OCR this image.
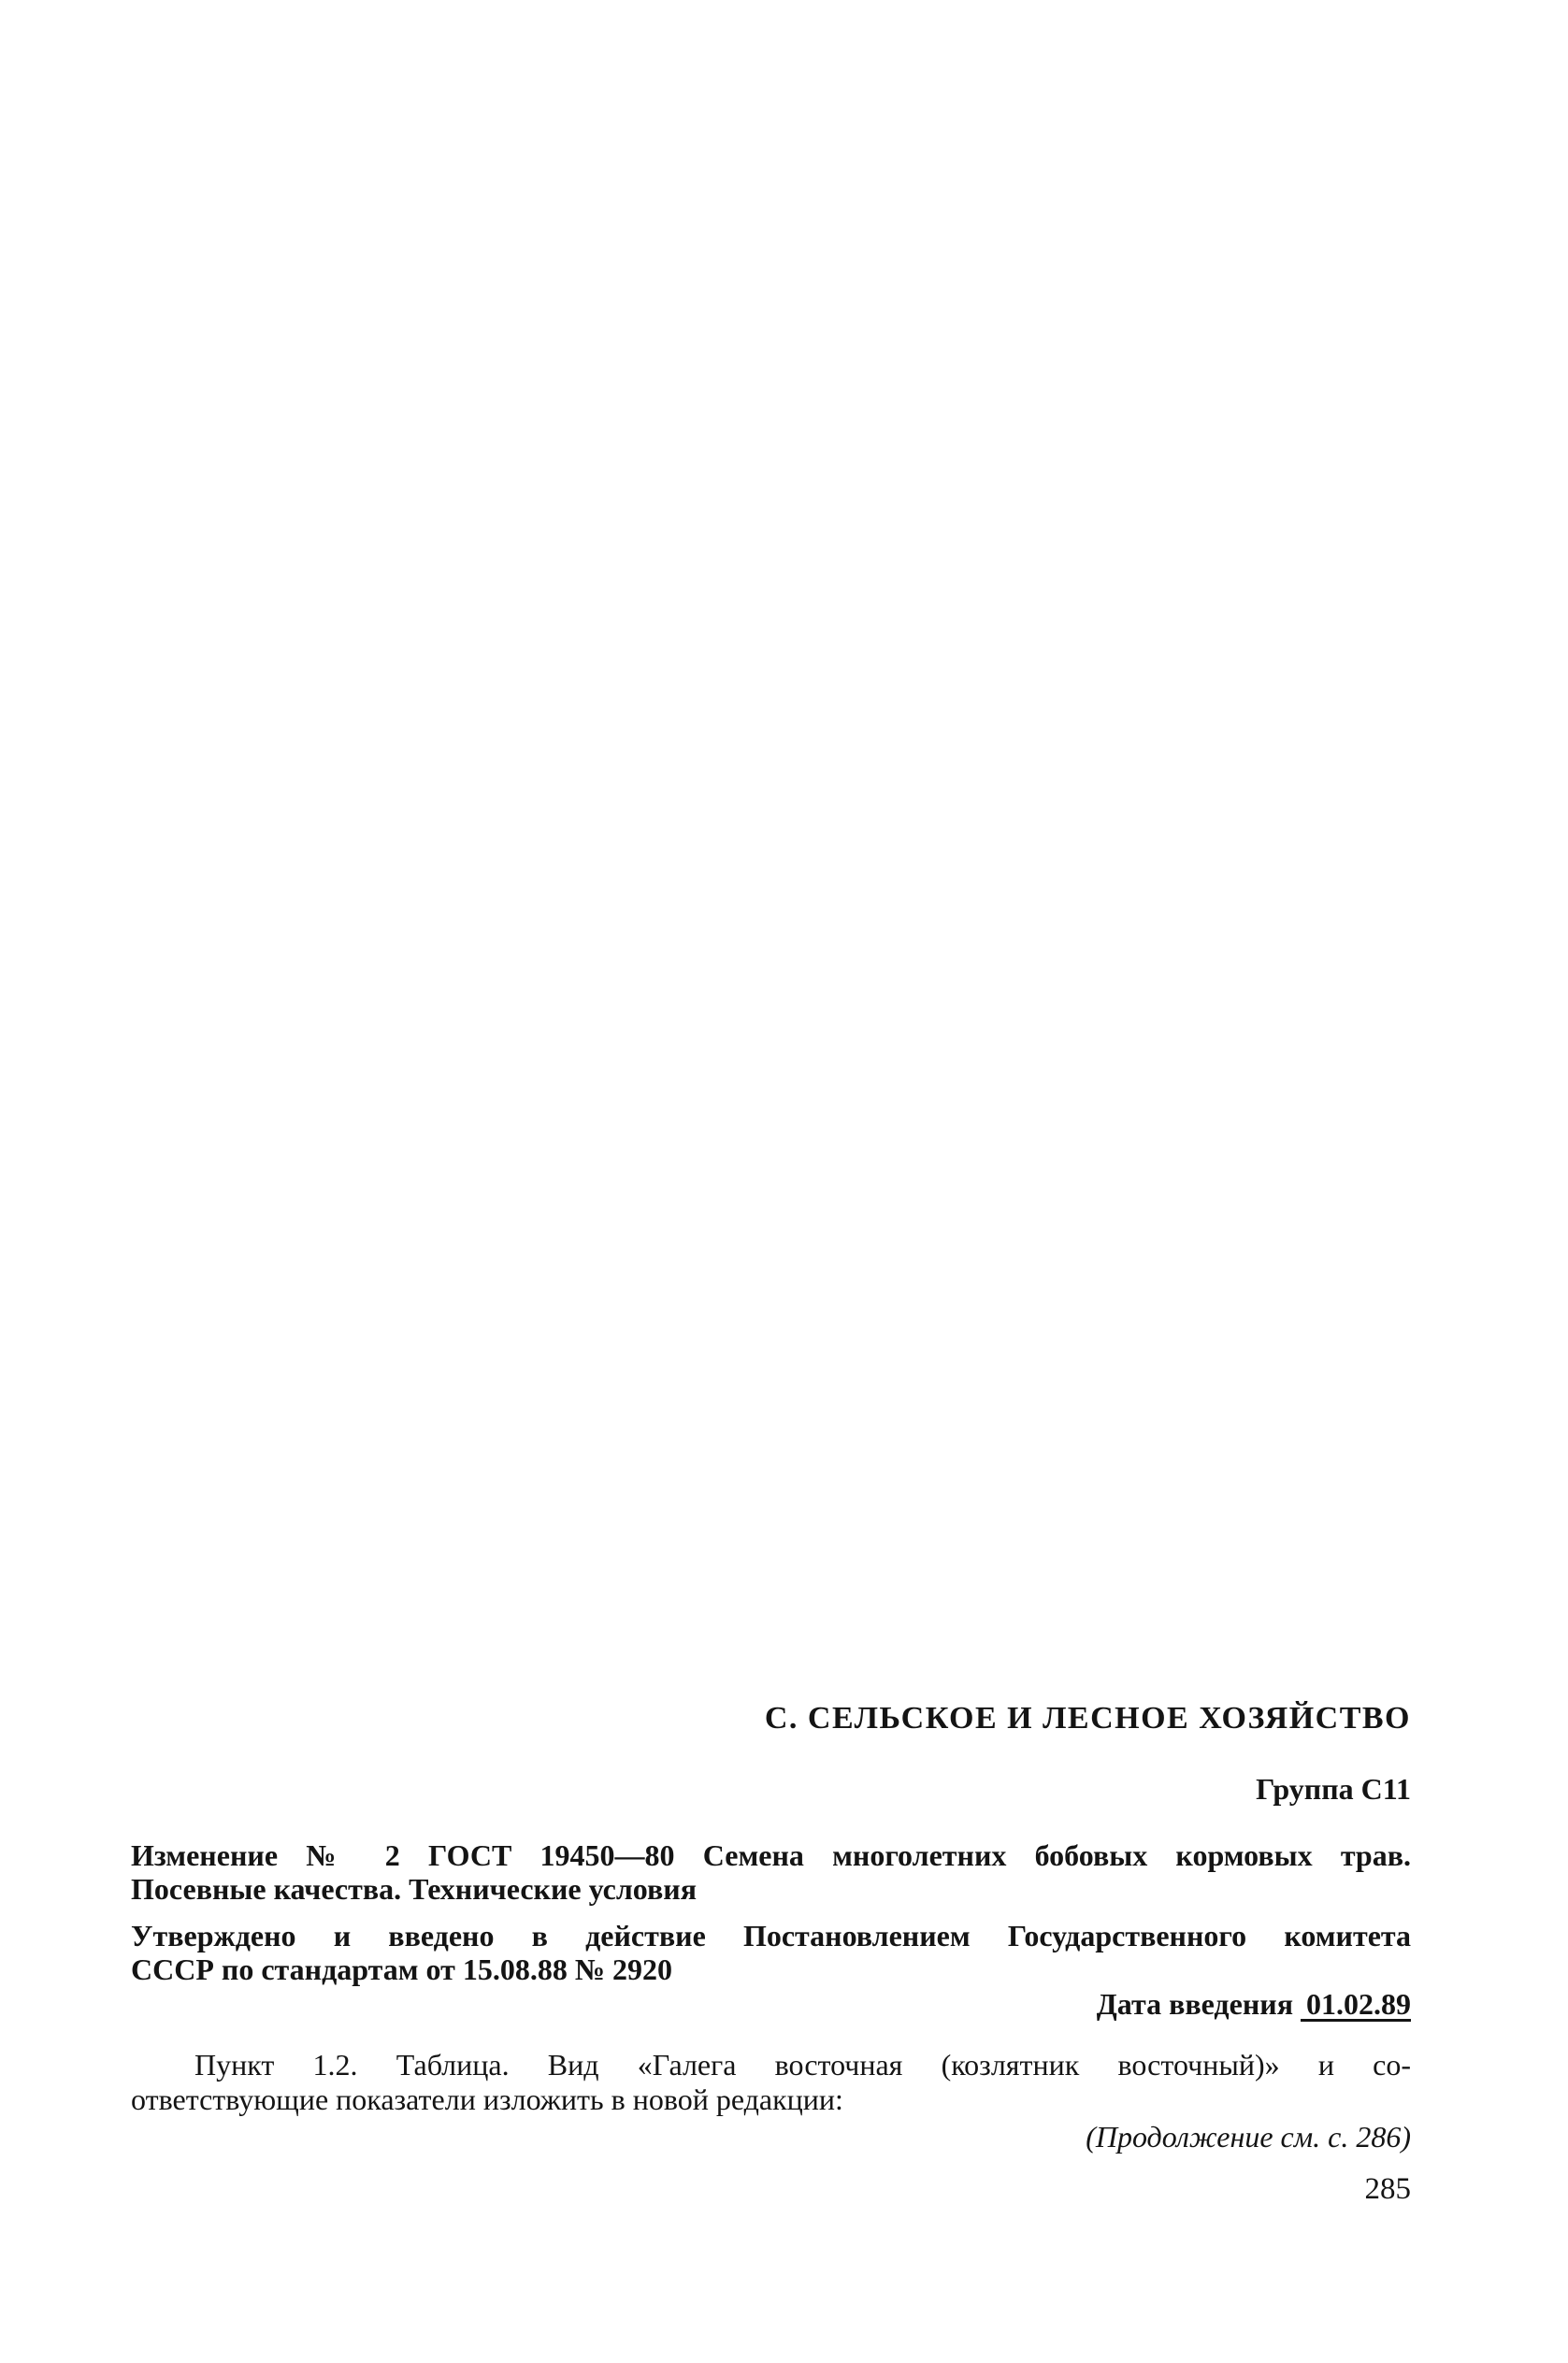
С. СЕЛЬСКОЕ И ЛЕСНОЕ ХОЗЯЙСТВО
Группа С11
Изменение № 2 ГОСТ 19450—80 Семена многолетних бобовых кормовых трав.
Посевные качества. Технические условия
Утверждено и введено в действие Постановлением Государственного комитета
СССР по стандартам от 15.08.88 № 2920
Дата введения 01.02.89
Пункт 1.2. Таблица. Вид «Галега восточная (козлятник восточный)» и со-
ответствующие показатели изложить в новой редакции:
(Продолжение см. с. 286)
285
